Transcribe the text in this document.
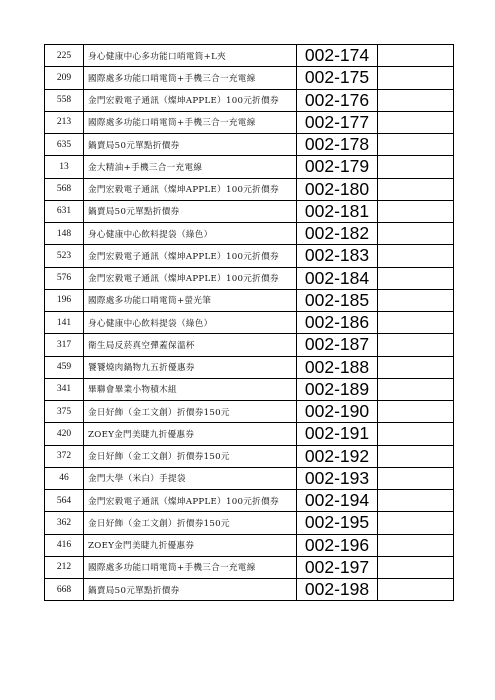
225	身心健康中心多功能口哨電筒+L夾	002-174	
209	國際處多功能口哨電筒+手機三合一充電線	002-175	
558	金門宏毅電子通訊（燦坤APPLE）100元折價券	002-176	
213	國際處多功能口哨電筒+手機三合一充電線	002-177	
635	鍋賣局50元單點折價券	002-178	
13	金大精油+手機三合一充電線	002-179	
568	金門宏毅電子通訊（燦坤APPLE）100元折價券	002-180	
631	鍋賣局50元單點折價券	002-181	
148	身心健康中心飲料提袋（綠色）	002-182	
523	金門宏毅電子通訊（燦坤APPLE）100元折價券	002-183	
576	金門宏毅電子通訊（燦坤APPLE）100元折價券	002-184	
196	國際處多功能口哨電筒+螢光筆	002-185	
141	身心健康中心飲料提袋（綠色）	002-186	
317	衛生局反菸真空彈蓋保溫杯	002-187	
459	饕饕燒肉鍋物九五折優惠券	002-188	
341	畢聯會畢業小物積木組	002-189	
375	金日好飾（金工文創）折價券150元	002-190	
420	ZOEY金門美睫九折優惠券	002-191	
372	金日好飾（金工文創）折價券150元	002-192	
46	金門大學（米白）手提袋	002-193	
564	金門宏毅電子通訊（燦坤APPLE）100元折價券	002-194	
362	金日好飾（金工文創）折價券150元	002-195	
416	ZOEY金門美睫九折優惠券	002-196	
212	國際處多功能口哨電筒+手機三合一充電線	002-197	
668	鍋賣局50元單點折價券	002-198	
